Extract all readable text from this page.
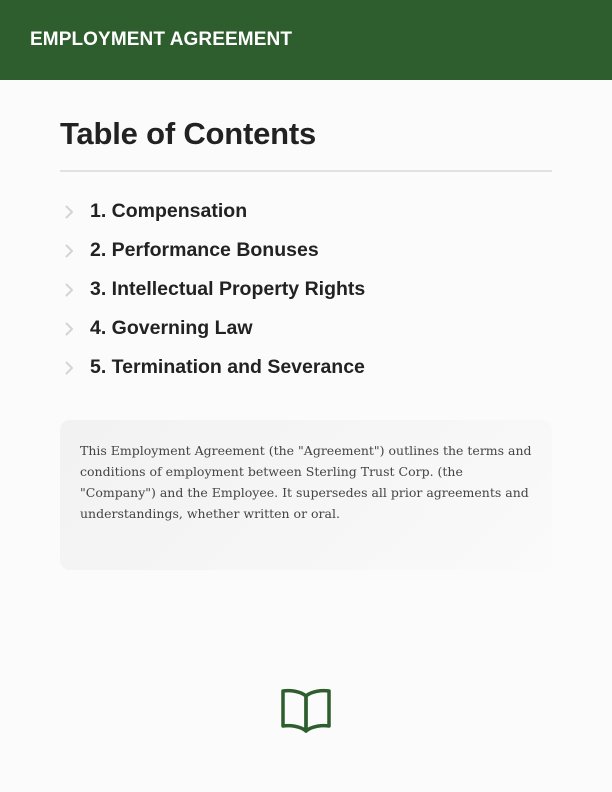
EMPLOYMENT AGREEMENT
Table of Contents
1. Compensation
2. Performance Bonuses
3. Intellectual Property Rights
4. Governing Law
5. Termination and Severance

This Employment Agreement (the "Agreement") outlines the terms and conditions of employment between Sterling Trust Corp. (the "Company") and the Employee. It supersedes all prior agreements and understandings, whether written or oral.
